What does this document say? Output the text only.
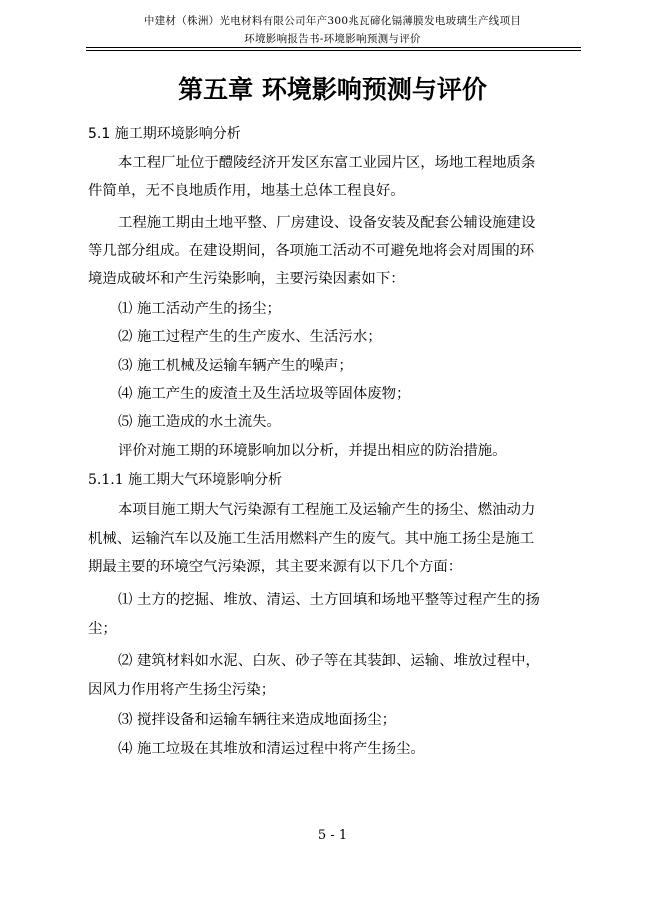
中建材（株洲）光电材料有限公司年产300兆瓦碲化镉薄膜发电玻璃生产线项目
环境影响报告书-环境影响预测与评价
第五章 环境影响预测与评价
5.1 施工期环境影响分析
本工程厂址位于醴陵经济开发区东富工业园片区，场地工程地质条
件简单，无不良地质作用，地基土总体工程良好。
工程施工期由土地平整、厂房建设、设备安装及配套公辅设施建设
等几部分组成。在建设期间，各项施工活动不可避免地将会对周围的环
境造成破坏和产生污染影响，主要污染因素如下：
⑴ 施工活动产生的扬尘；
⑵ 施工过程产生的生产废水、生活污水；
⑶ 施工机械及运输车辆产生的噪声；
⑷ 施工产生的废渣土及生活垃圾等固体废物；
⑸ 施工造成的水土流失。
评价对施工期的环境影响加以分析，并提出相应的防治措施。
5.1.1 施工期大气环境影响分析
本项目施工期大气污染源有工程施工及运输产生的扬尘、燃油动力
机械、运输汽车以及施工生活用燃料产生的废气。其中施工扬尘是施工
期最主要的环境空气污染源，其主要来源有以下几个方面：
⑴ 土方的挖掘、堆放、清运、土方回填和场地平整等过程产生的扬
尘；
⑵ 建筑材料如水泥、白灰、砂子等在其装卸、运输、堆放过程中，
因风力作用将产生扬尘污染；
⑶ 搅拌设备和运输车辆往来造成地面扬尘；
⑷ 施工垃圾在其堆放和清运过程中将产生扬尘。
5 - 1
